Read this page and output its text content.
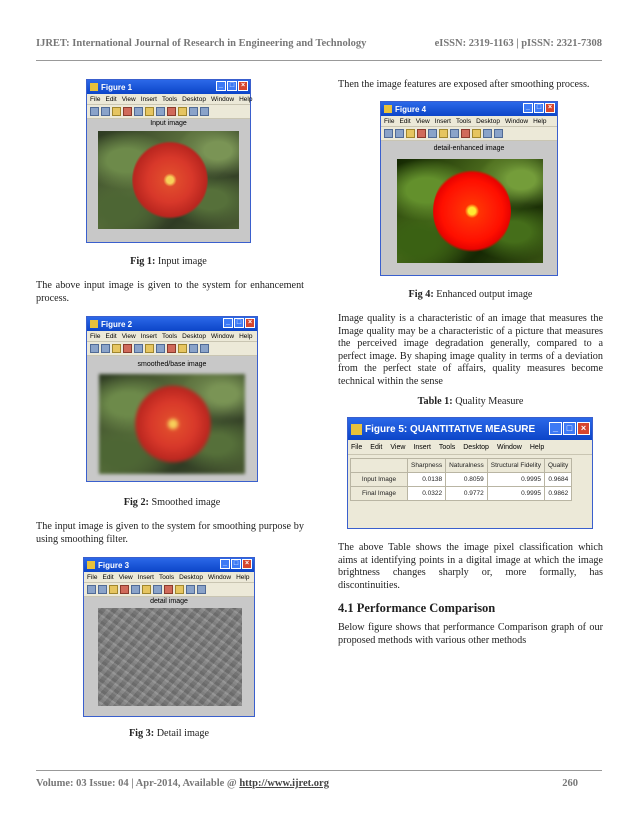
IJRET: International Journal of Research in Engineering and Technology	eISSN: 2319-1163 | pISSN: 2321-7308
Figure 1	_ □ ×
File Edit View Insert Tools Desktop Window Help
Input image
Fig 1: Input image
The above input image is given to the system for enhancement process.
Figure 2	_ □ ×
File Edit View Insert Tools Desktop Window Help
smoothed/base image
Fig 2: Smoothed image
The input image is given to the system for smoothing purpose by using smoothing filter.
Figure 3	_ □ ×
File Edit View Insert Tools Desktop Window Help
detail image
Fig 3: Detail image
Then the image features are exposed after smoothing process.
Figure 4	_ □ ×
File Edit View Insert Tools Desktop Window Help
detail-enhanced image
Fig 4: Enhanced output image
Image quality is a characteristic of an image that measures the Image quality may be a characteristic of a picture that measures the perceived image degradation generally, compared to a perfect image. By shaping image quality in terms of a deviation from the perfect state of affairs, quality measures become technical within the sense
Table 1: Quality Measure
Figure 5: QUANTITATIVE MEASURE	_ □ ×
File Edit View Insert Tools Desktop Window Help
	Sharpness	Naturalness	Structural Fidelity	Quality
Input Image	0.0138	0.8059	0.9995	0.9684
Final Image	0.0322	0.9772	0.9995	0.9862
The above Table shows the image pixel classification which aims at identifying points in a digital image at which the image brightness changes sharply or, more formally, has discontinuities.
4.1 Performance Comparison
Below figure shows that performance Comparison graph of our proposed methods with various other methods
Volume: 03 Issue: 04 | Apr-2014, Available @ http://www.ijret.org	260
